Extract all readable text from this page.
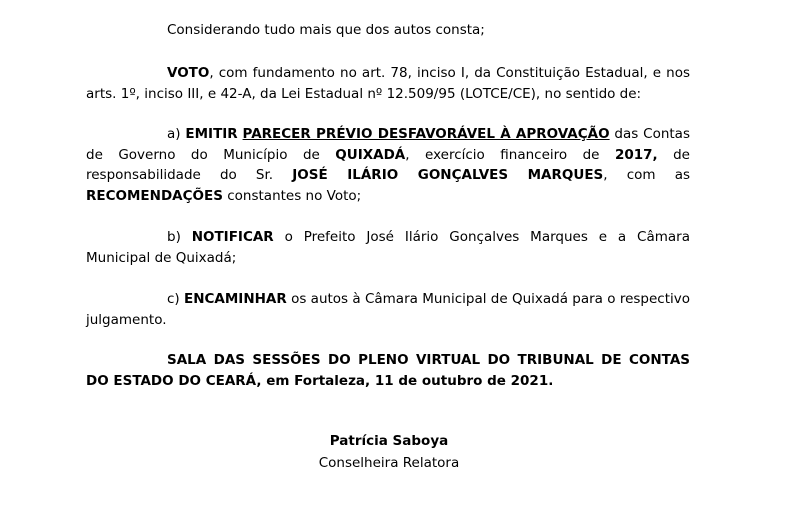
Considerando tudo mais que dos autos consta;

VOTO, com fundamento no art. 78, inciso I, da Constituição Estadual, e nos arts. 1º, inciso III, e 42-A, da Lei Estadual nº 12.509/95 (LOTCE/CE), no sentido de:

a) EMITIR PARECER PRÉVIO DESFAVORÁVEL À APROVAÇÃO das Contas de Governo do Município de QUIXADÁ, exercício financeiro de 2017, de responsabilidade do Sr. JOSÉ ILÁRIO GONÇALVES MARQUES, com as RECOMENDAÇÕES constantes no Voto;

b) NOTIFICAR o Prefeito José Ilário Gonçalves Marques e a Câmara Municipal de Quixadá;

c) ENCAMINHAR os autos à Câmara Municipal de Quixadá para o respectivo julgamento.

SALA DAS SESSÕES DO PLENO VIRTUAL DO TRIBUNAL DE CONTAS DO ESTADO DO CEARÁ, em Fortaleza, 11 de outubro de 2021.

Patrícia Saboya

Conselheira Relatora
